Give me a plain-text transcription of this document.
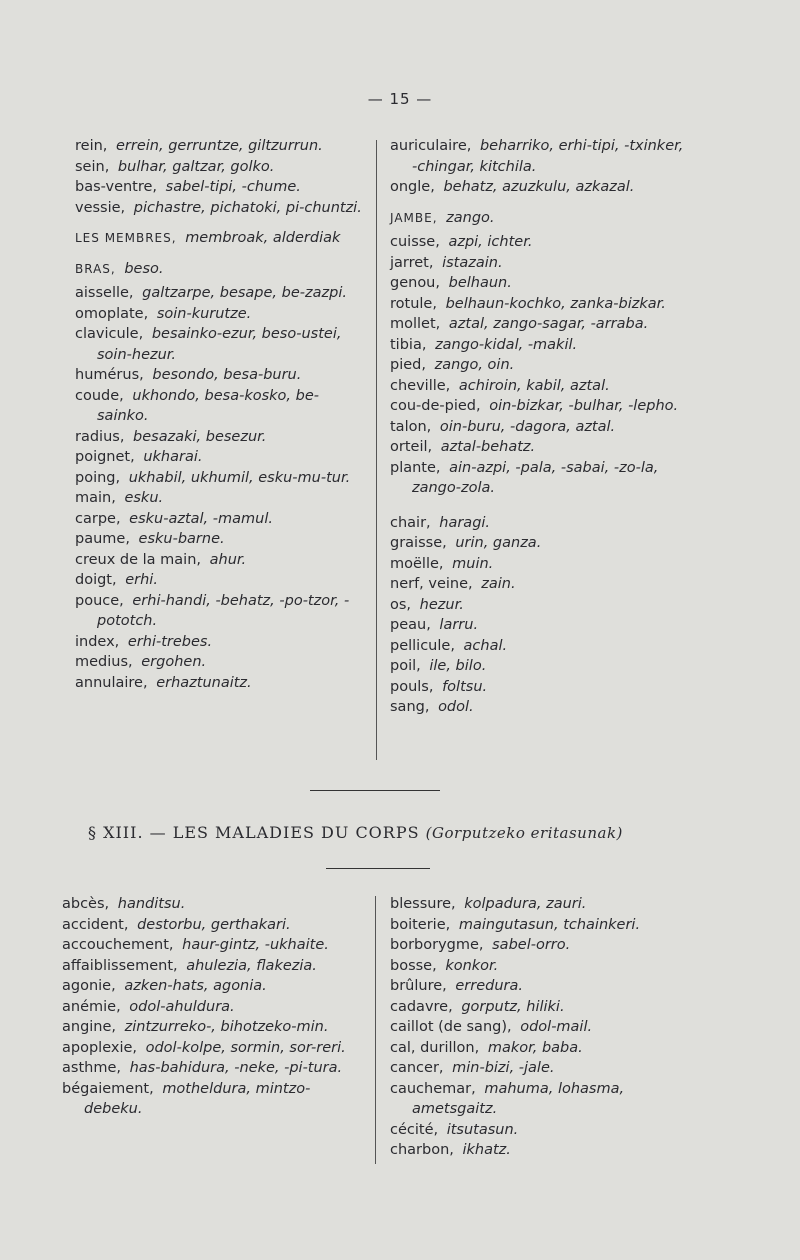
— 15 —
rein, errein, gerruntze, giltzurrun.
sein, bulhar, galtzar, golko.
bas-ventre, sabel-tipi, -chume.
vessie, pichastre, pichatoki, pi-chuntzi.
LES MEMBRES, membroak, alderdiak
BRAS, beso.
aisselle, galtzarpe, besape, be-zazpi.
omoplate, soin-kurutze.
clavicule, besainko-ezur, beso-ustei, soin-hezur.
humérus, besondo, besa-buru.
coude, ukhondo, besa-kosko, be-sainko.
radius, besazaki, besezur.
poignet, ukharai.
poing, ukhabil, ukhumil, esku-mu-tur.
main, esku.
carpe, esku-aztal, -mamul.
paume, esku-barne.
creux de la main, ahur.
doigt, erhi.
pouce, erhi-handi, -behatz, -po-tzor, -pototch.
index, erhi-trebes.
medius, ergohen.
annulaire, erhaztunaitz.
auriculaire, beharriko, erhi-tipi, -txinker, -chingar, kitchila.
ongle, behatz, azuzkulu, azkazal.
JAMBE, zango.
cuisse, azpi, ichter.
jarret, istazain.
genou, belhaun.
rotule, belhaun-kochko, zanka-bizkar.
mollet, aztal, zango-sagar, -arraba.
tibia, zango-kidal, -makil.
pied, zango, oin.
cheville, achiroin, kabil, aztal.
cou-de-pied, oin-bizkar, -bulhar, -lepho.
talon, oin-buru, -dagora, aztal.
orteil, aztal-behatz.
plante, ain-azpi, -pala, -sabai, -zo-la, zango-zola.
chair, haragi.
graisse, urin, ganza.
moëlle, muin.
nerf, veine, zain.
os, hezur.
peau, larru.
pellicule, achal.
poil, ile, bilo.
pouls, foltsu.
sang, odol.
§ XIII. — LES MALADIES DU CORPS (Gorputzeko eritasunak)
abcès, handitsu.
accident, destorbu, gerthakari.
accouchement, haur-gintz, -ukhaite.
affaiblissement, ahulezia, flakezia.
agonie, azken-hats, agonia.
anémie, odol-ahuldura.
angine, zintzurreko-, bihotzeko-min.
apoplexie, odol-kolpe, sormin, sor-reri.
asthme, has-bahidura, -neke, -pi-tura.
bégaiement, motheldura, mintzo-debeku.
blessure, kolpadura, zauri.
boiterie, maingutasun, tchainkeri.
borborygme, sabel-orro.
bosse, konkor.
brûlure, erredura.
cadavre, gorputz, hiliki.
caillot (de sang), odol-mail.
cal, durillon, makor, baba.
cancer, min-bizi, -jale.
cauchemar, mahuma, lohasma, ametsgaitz.
cécité, itsutasun.
charbon, ikhatz.
